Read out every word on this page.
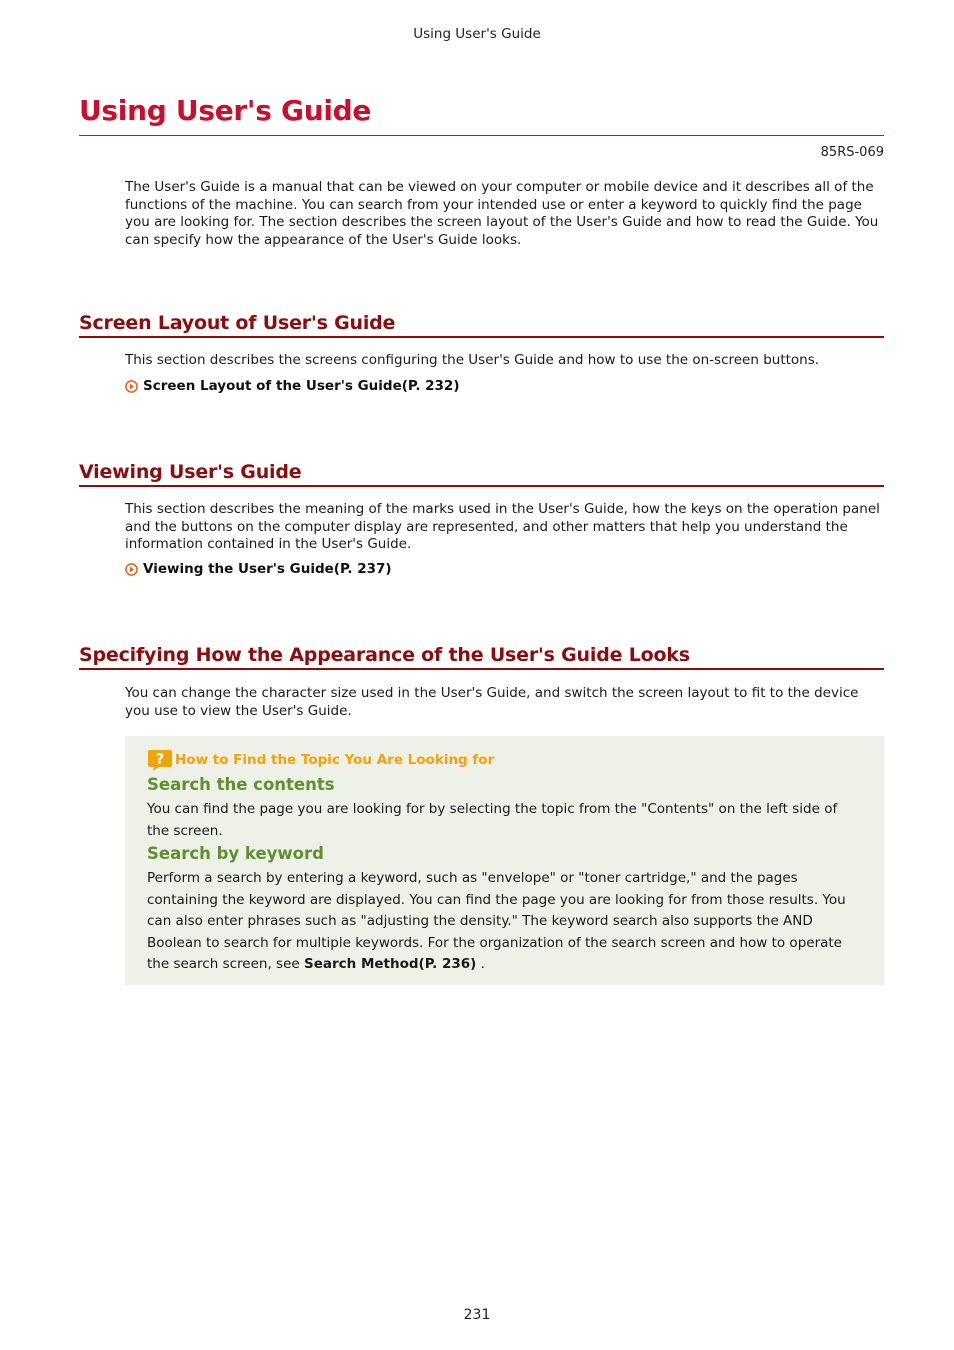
Using User's Guide
Using User's Guide
85RS-069

The User's Guide is a manual that can be viewed on your computer or mobile device and it describes all of the functions of the machine. You can search from your intended use or enter a keyword to quickly find the page you are looking for. The section describes the screen layout of the User's Guide and how to read the Guide. You can specify how the appearance of the User's Guide looks.

Screen Layout of User's Guide

This section describes the screens configuring the User's Guide and how to use the on-screen buttons.

Screen Layout of the User's Guide(P. 232)
Viewing User's Guide

This section describes the meaning of the marks used in the User's Guide, how the keys on the operation panel and the buttons on the computer display are represented, and other matters that help you understand the information contained in the User's Guide.

Viewing the User's Guide(P. 237)
Specifying How the Appearance of the User's Guide Looks

You can change the character size used in the User's Guide, and switch the screen layout to fit to the device you use to view the User's Guide.

? How to Find the Topic You Are Looking for
Search the contents

You can find the page you are looking for by selecting the topic from the "Contents" on the left side of the screen.

Search by keyword

Perform a search by entering a keyword, such as "envelope" or "toner cartridge," and the pages containing the keyword are displayed. You can find the page you are looking for from those results. You can also enter phrases such as "adjusting the density." The keyword search also supports the AND Boolean to search for multiple keywords. For the organization of the search screen and how to operate the search screen, see Search Method(P. 236) .

231
